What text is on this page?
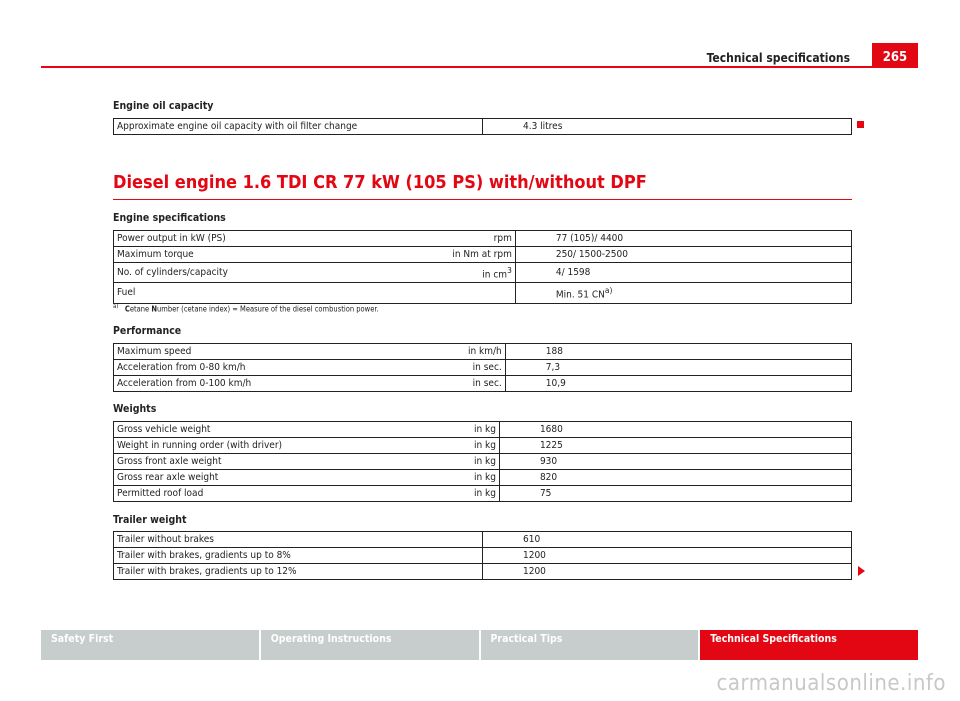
Technical specifications	265
Engine oil capacity
Approximate engine oil capacity with oil filter change	4.3 litres
Diesel engine 1.6 TDI CR 77 kW (105 PS) with/without DPF
Engine specifications
Power output in kW (PS)	rpm	77 (105)/ 4400
Maximum torque	in Nm at rpm	250/ 1500-2500
No. of cylinders/capacity	in $cm^3$	4/ 1598
Fuel		Min. 51 CN$^{a)}$
$^{a)}$ Cetane Number (cetane index) = Measure of the diesel combustion power.
Performance
Maximum speed	in km/h	188
Acceleration from 0-80 km/h	in sec.	7,3
Acceleration from 0-100 km/h	in sec.	10,9
Weights
Gross vehicle weight	in kg	1680
Weight in running order (with driver)	in kg	1225
Gross front axle weight	in kg	930
Gross rear axle weight	in kg	820
Permitted roof load	in kg	75
Trailer weight
Trailer without brakes	610
Trailer with brakes, gradients up to 8%	1200
Trailer with brakes, gradients up to 12%	1200
Safety First	Operating Instructions	Practical Tips	Technical Specifications
carmanualsonline.info
